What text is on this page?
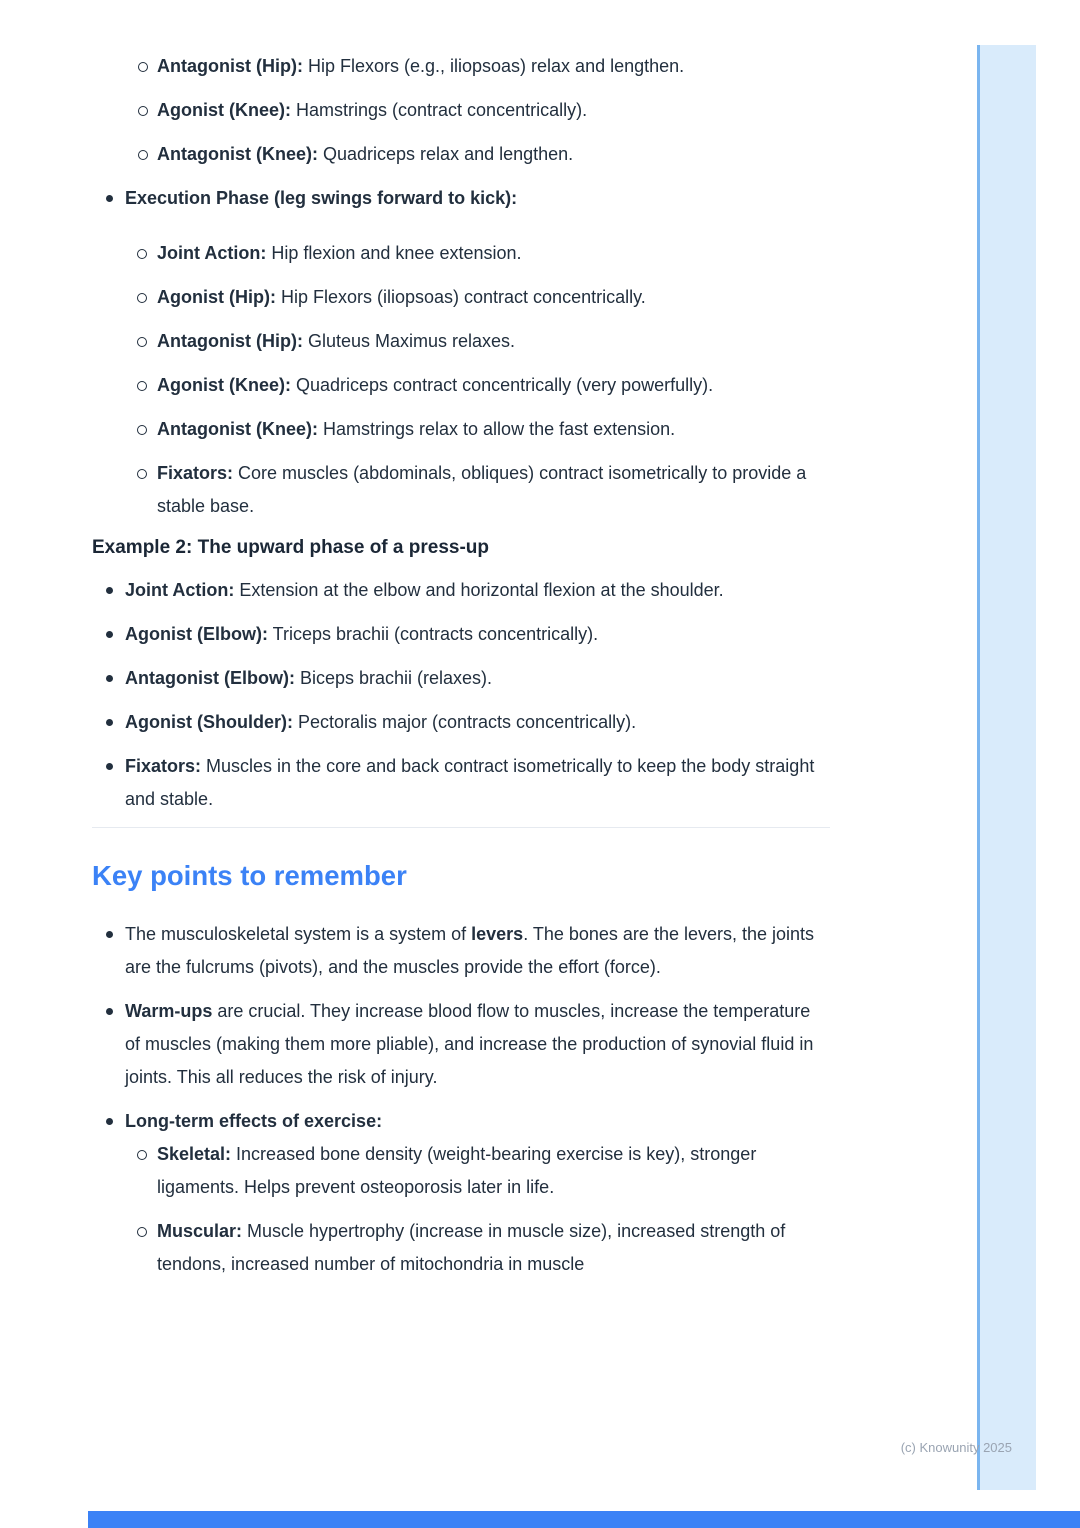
Antagonist (Hip): Hip Flexors (e.g., iliopsoas) relax and lengthen.
Agonist (Knee): Hamstrings (contract concentrically).
Antagonist (Knee): Quadriceps relax and lengthen.
Execution Phase (leg swings forward to kick):
Joint Action: Hip flexion and knee extension.
Agonist (Hip): Hip Flexors (iliopsoas) contract concentrically.
Antagonist (Hip): Gluteus Maximus relaxes.
Agonist (Knee): Quadriceps contract concentrically (very powerfully).
Antagonist (Knee): Hamstrings relax to allow the fast extension.
Fixators: Core muscles (abdominals, obliques) contract isometrically to provide a stable base.
Example 2: The upward phase of a press-up
Joint Action: Extension at the elbow and horizontal flexion at the shoulder.
Agonist (Elbow): Triceps brachii (contracts concentrically).
Antagonist (Elbow): Biceps brachii (relaxes).
Agonist (Shoulder): Pectoralis major (contracts concentrically).
Fixators: Muscles in the core and back contract isometrically to keep the body straight and stable.
Key points to remember
The musculoskeletal system is a system of levers. The bones are the levers, the joints are the fulcrums (pivots), and the muscles provide the effort (force).
Warm-ups are crucial. They increase blood flow to muscles, increase the temperature of muscles (making them more pliable), and increase the production of synovial fluid in joints. This all reduces the risk of injury.
Long-term effects of exercise:
Skeletal: Increased bone density (weight-bearing exercise is key), stronger ligaments. Helps prevent osteoporosis later in life.
Muscular: Muscle hypertrophy (increase in muscle size), increased strength of tendons, increased number of mitochondria in muscle
(c) Knowunity 2025
